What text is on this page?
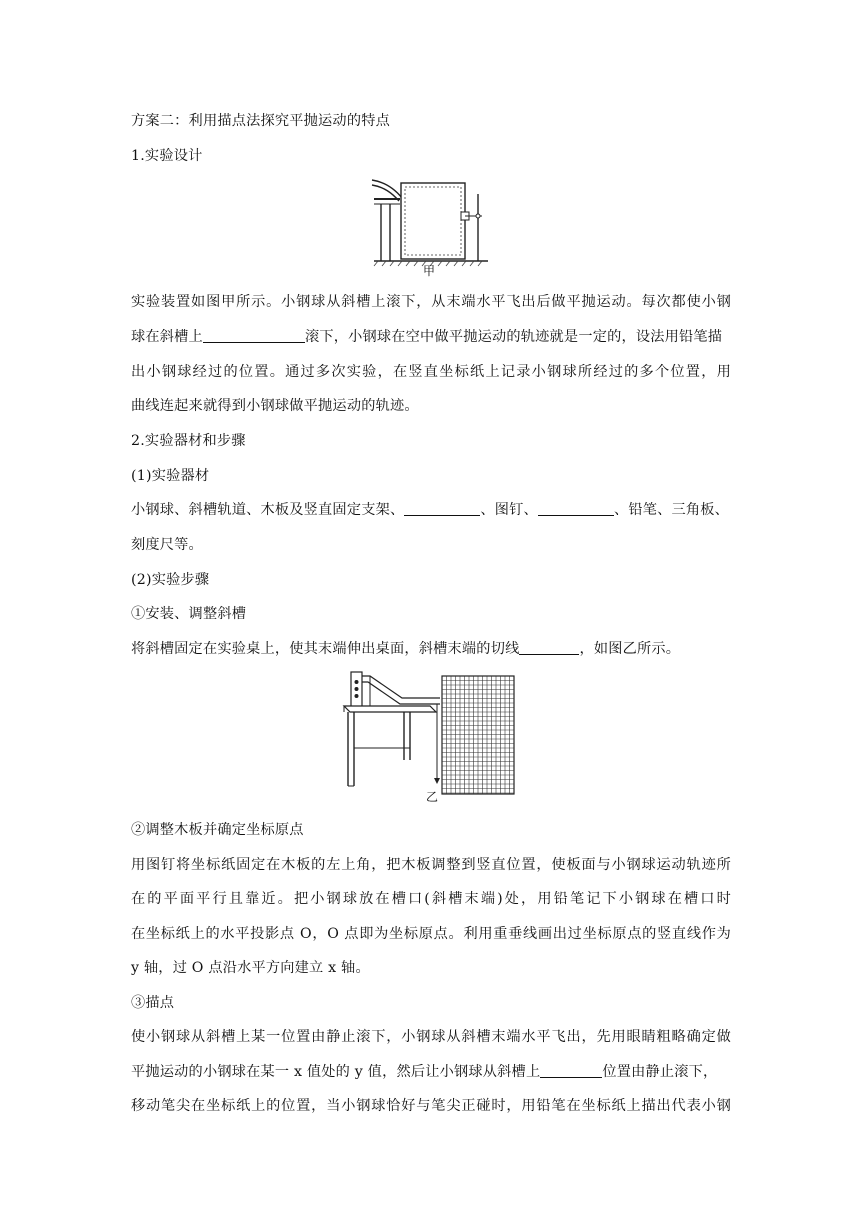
方案二：利用描点法探究平抛运动的特点
1.实验设计
甲
实验装置如图甲所示。小钢球从斜槽上滚下，从末端水平飞出后做平抛运动。每次都使小钢
球在斜槽上	滚下，小钢球在空中做平抛运动的轨迹就是一定的，设法用铅笔描
出小钢球经过的位置。通过多次实验，在竖直坐标纸上记录小钢球所经过的多个位置，用
曲线连起来就得到小钢球做平抛运动的轨迹。
2.实验器材和步骤
(1)实验器材
小钢球、斜槽轨道、木板及竖直固定支架、	、图钉、	、铅笔、三角板、
刻度尺等。
(2)实验步骤
①安装、调整斜槽
将斜槽固定在实验桌上，使其末端伸出桌面，斜槽末端的切线	，如图乙所示。
乙
②调整木板并确定坐标原点
用图钉将坐标纸固定在木板的左上角，把木板调整到竖直位置，使板面与小钢球运动轨迹所
在的平面平行且靠近。把小钢球放在槽口(斜槽末端)处，用铅笔记下小钢球在槽口时
在坐标纸上的水平投影点 O，O 点即为坐标原点。利用重垂线画出过坐标原点的竖直线作为
y 轴，过 O 点沿水平方向建立 x 轴。
③描点
使小钢球从斜槽上某一位置由静止滚下，小钢球从斜槽末端水平飞出，先用眼睛粗略确定做
平抛运动的小钢球在某一 x 值处的 y 值，然后让小钢球从斜槽上	位置由静止滚下，
移动笔尖在坐标纸上的位置，当小钢球恰好与笔尖正碰时，用铅笔在坐标纸上描出代表小钢
